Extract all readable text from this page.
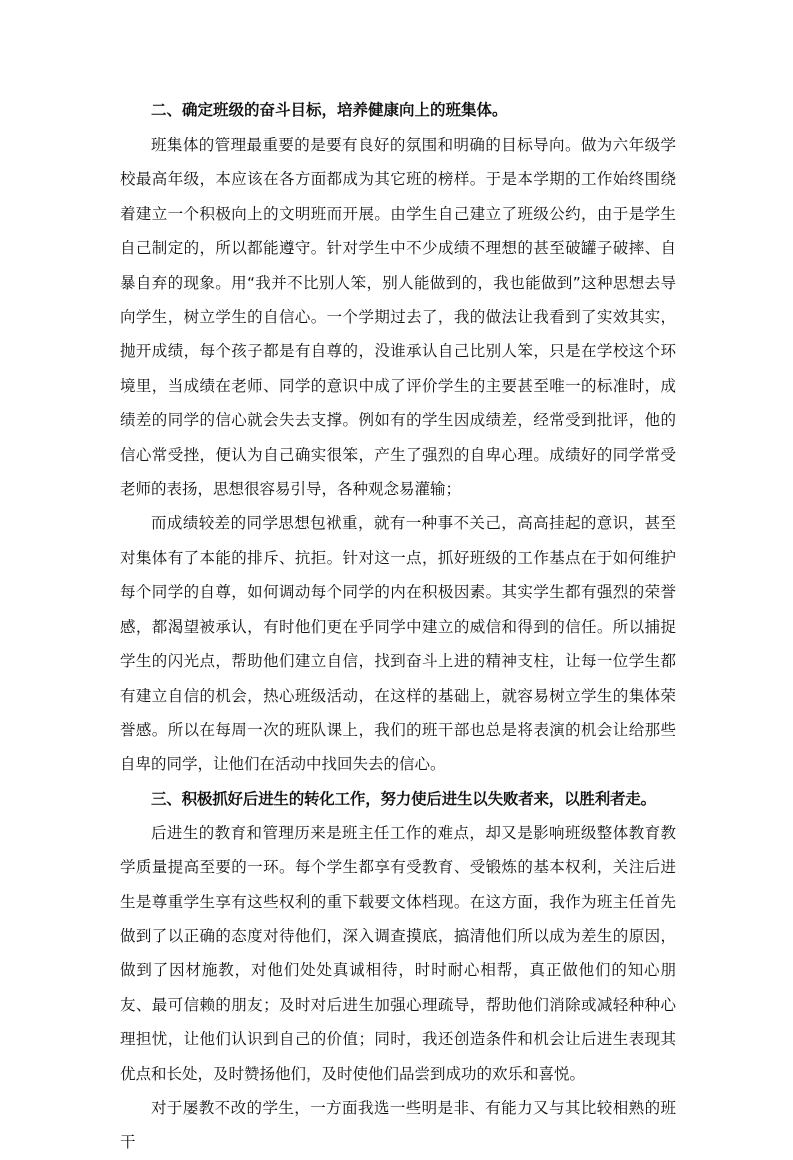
二、确定班级的奋斗目标，培养健康向上的班集体。

班集体的管理最重要的是要有良好的氛围和明确的目标导向。做为六年级学校最高年级，本应该在各方面都成为其它班的榜样。于是本学期的工作始终围绕着建立一个积极向上的文明班而开展。由学生自己建立了班级公约，由于是学生自己制定的，所以都能遵守。针对学生中不少成绩不理想的甚至破罐子破摔、自暴自弃的现象。用“我并不比别人笨，别人能做到的，我也能做到”这种思想去导向学生，树立学生的自信心。一个学期过去了，我的做法让我看到了实效其实，抛开成绩，每个孩子都是有自尊的，没谁承认自己比别人笨，只是在学校这个环境里，当成绩在老师、同学的意识中成了评价学生的主要甚至唯一的标准时，成绩差的同学的信心就会失去支撑。例如有的学生因成绩差，经常受到批评，他的信心常受挫，便认为自己确实很笨，产生了强烈的自卑心理。成绩好的同学常受老师的表扬，思想很容易引导，各种观念易灌输；

而成绩较差的同学思想包袱重，就有一种事不关己，高高挂起的意识，甚至对集体有了本能的排斥、抗拒。针对这一点，抓好班级的工作基点在于如何维护每个同学的自尊，如何调动每个同学的内在积极因素。其实学生都有强烈的荣誉感，都渴望被承认，有时他们更在乎同学中建立的威信和得到的信任。所以捕捉学生的闪光点，帮助他们建立自信，找到奋斗上进的精神支柱，让每一位学生都有建立自信的机会，热心班级活动，在这样的基础上，就容易树立学生的集体荣誉感。所以在每周一次的班队课上，我们的班干部也总是将表演的机会让给那些自卑的同学，让他们在活动中找回失去的信心。

三、积极抓好后进生的转化工作，努力使后进生以失败者来，以胜利者走。

后进生的教育和管理历来是班主任工作的难点，却又是影响班级整体教育教学质量提高至要的一环。每个学生都享有受教育、受锻炼的基本权利，关注后进生是尊重学生享有这些权利的重下载要文体档现。在这方面，我作为班主任首先做到了以正确的态度对待他们，深入调查摸底，搞清他们所以成为差生的原因，做到了因材施教，对他们处处真诚相待，时时耐心相帮，真正做他们的知心朋友、最可信赖的朋友；及时对后进生加强心理疏导，帮助他们消除或减轻种种心理担忧，让他们认识到自己的价值；同时，我还创造条件和机会让后进生表现其优点和长处，及时赞扬他们，及时使他们品尝到成功的欢乐和喜悦。

对于屡教不改的学生，一方面我选一些明是非、有能力又与其比较相熟的班干
